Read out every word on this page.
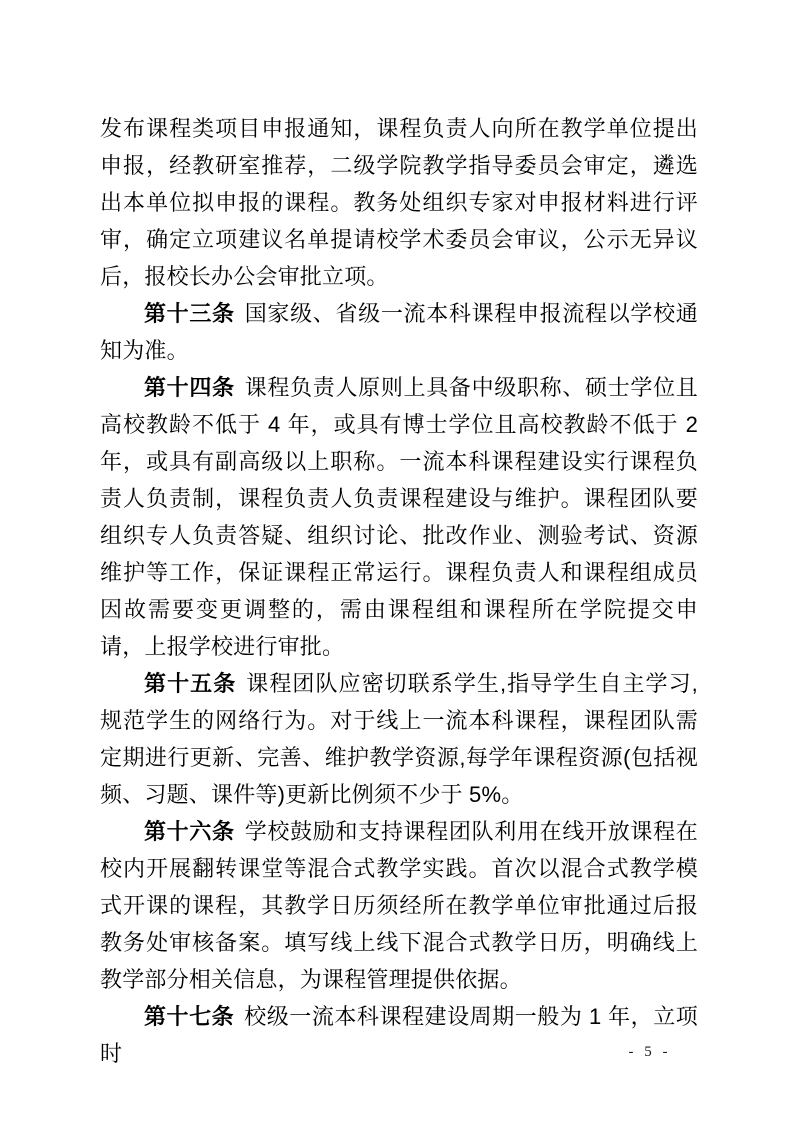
发布课程类项目申报通知，课程负责人向所在教学单位提出申报，经教研室推荐，二级学院教学指导委员会审定，遴选出本单位拟申报的课程。教务处组织专家对申报材料进行评审，确定立项建议名单提请校学术委员会审议，公示无异议后，报校长办公会审批立项。

第十三条 国家级、省级一流本科课程申报流程以学校通知为准。

第十四条 课程负责人原则上具备中级职称、硕士学位且高校教龄不低于 4 年，或具有博士学位且高校教龄不低于 2 年，或具有副高级以上职称。一流本科课程建设实行课程负责人负责制，课程负责人负责课程建设与维护。课程团队要组织专人负责答疑、组织讨论、批改作业、测验考试、资源维护等工作，保证课程正常运行。课程负责人和课程组成员因故需要变更调整的，需由课程组和课程所在学院提交申请，上报学校进行审批。

第十五条 课程团队应密切联系学生,指导学生自主学习,规范学生的网络行为。对于线上一流本科课程，课程团队需定期进行更新、完善、维护教学资源,每学年课程资源(包括视频、习题、课件等)更新比例须不少于 5%。

第十六条 学校鼓励和支持课程团队利用在线开放课程在校内开展翻转课堂等混合式教学实践。首次以混合式教学模式开课的课程，其教学日历须经所在教学单位审批通过后报教务处审核备案。填写线上线下混合式教学日历，明确线上教学部分相关信息，为课程管理提供依据。

第十七条 校级一流本科课程建设周期一般为 1 年，立项时	- 5 -
